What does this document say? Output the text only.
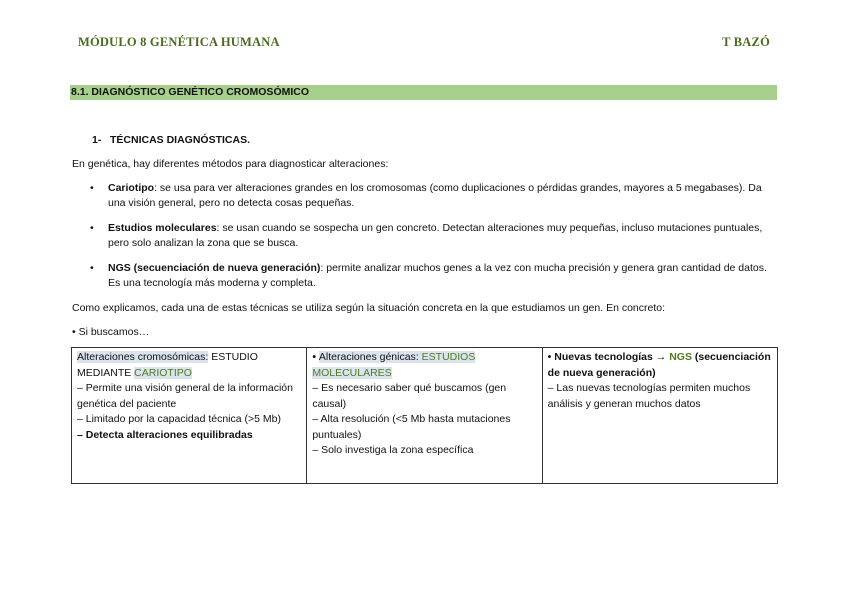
MÓDULO 8 GENÉTICA HUMANA	T BAZÓ
8.1. DIAGNÓSTICO GENÉTICO CROMOSÓMICO
1- TÉCNICAS DIAGNÓSTICAS.
En genética, hay diferentes métodos para diagnosticar alteraciones:
• Cariotipo: se usa para ver alteraciones grandes en los cromosomas (como duplicaciones o pérdidas grandes, mayores a 5 megabases). Da una visión general, pero no detecta cosas pequeñas.
• Estudios moleculares: se usan cuando se sospecha un gen concreto. Detectan alteraciones muy pequeñas, incluso mutaciones puntuales, pero solo analizan la zona que se busca.
• NGS (secuenciación de nueva generación): permite analizar muchos genes a la vez con mucha precisión y genera gran cantidad de datos. Es una tecnología más moderna y completa.
Como explicamos, cada una de estas técnicas se utiliza según la situación concreta en la que estudiamos un gen. En concreto:
• Si buscamos…
Alteraciones cromosómicas: ESTUDIO MEDIANTE CARIOTIPO
– Permite una visión general de la información genética del paciente
– Limitado por la capacidad técnica (>5 Mb)
– Detecta alteraciones equilibradas
	• Alteraciones génicas: ESTUDIOS MOLECULARES
– Es necesario saber qué buscamos (gen causal)
– Alta resolución (<5 Mb hasta mutaciones puntuales)
– Solo investiga la zona específica
	• Nuevas tecnologías → NGS (secuenciación de nueva generación)
– Las nuevas tecnologías permiten muchos análisis y generan muchos datos
